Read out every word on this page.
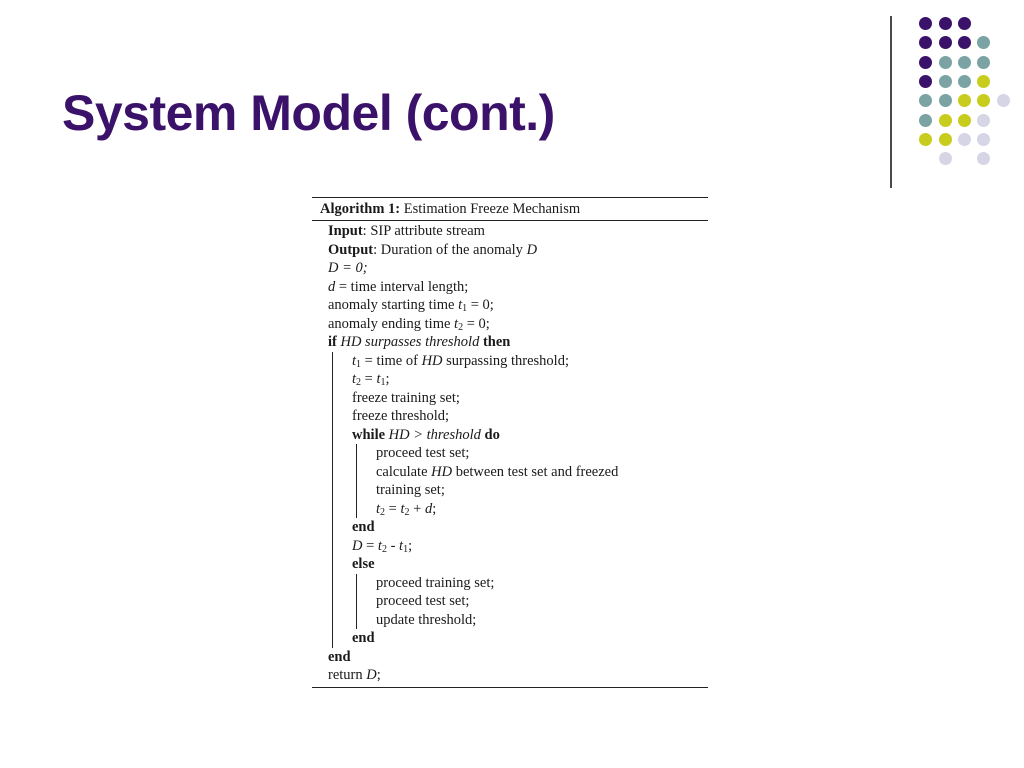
System Model (cont.)
Algorithm 1: Estimation Freeze Mechanism
Input: SIP attribute stream
Output: Duration of the anomaly D
D = 0;
d = time interval length;
anomaly starting time $t_1 = 0$;
anomaly ending time $t_2 = 0$;
if HD surpasses threshold then
$t_1$ = time of HD surpassing threshold;
$t_2 = t_1$;
freeze training set;
freeze threshold;
while HD > threshold do
proceed test set;
calculate HD between test set and freezed
training set;
$t_2 = t_2 + d$;
end
$D = t_2 - t_1$;
else
proceed training set;
proceed test set;
update threshold;
end
end
return D;
